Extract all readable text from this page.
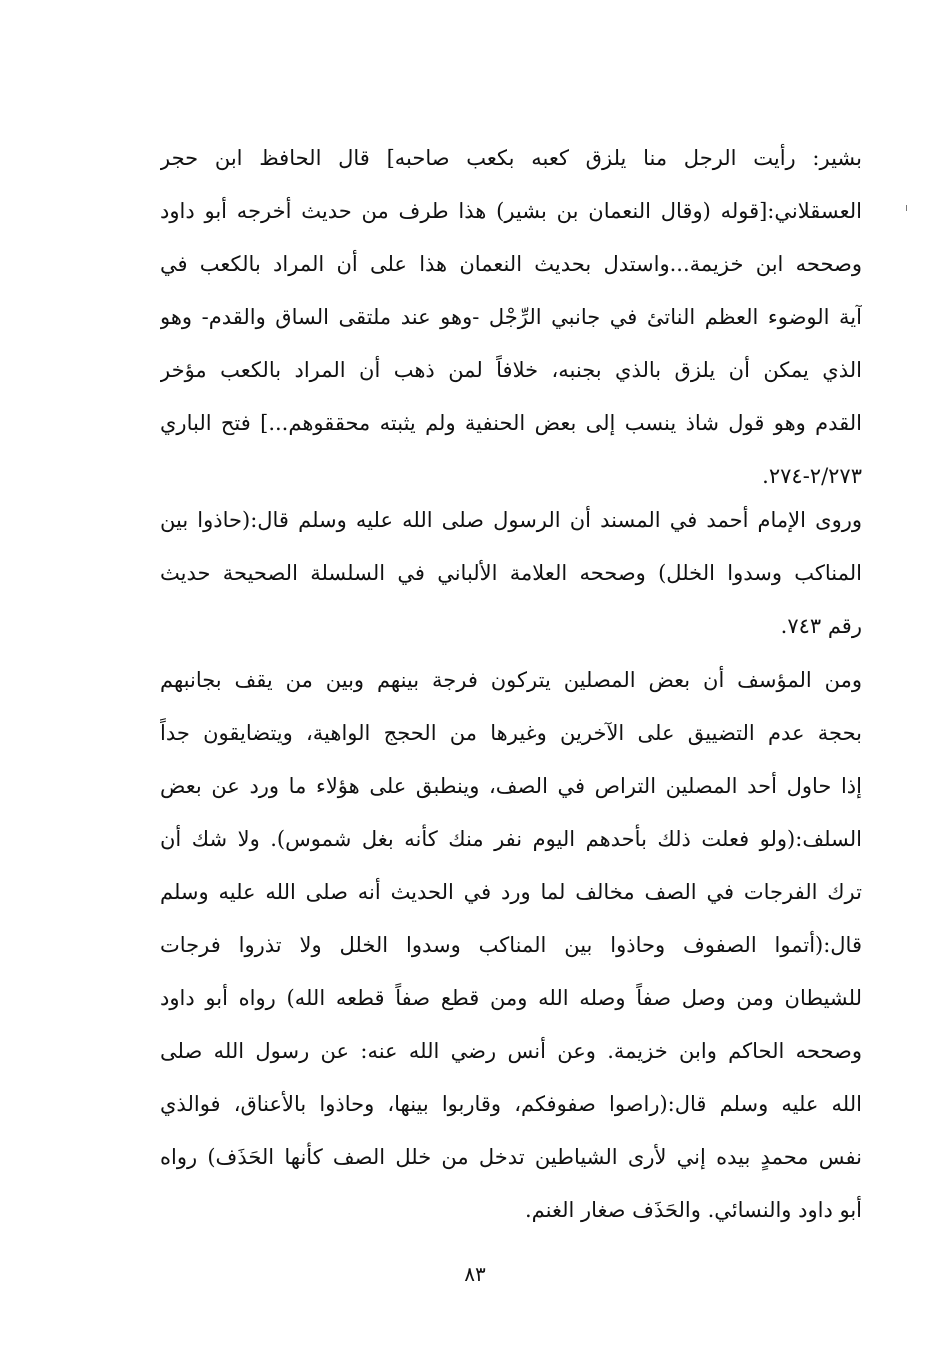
بشير: رأيت الرجل منا يلزق كعبه بكعب صاحبه] قال الحافظ ابن حجر
العسقلاني:[قوله (وقال النعمان بن بشير) هذا طرف من حديث أخرجه أبو داود
وصححه ابن خزيمة...واستدل بحديث النعمان هذا على أن المراد بالكعب في
آية الوضوء العظم الناتئ في جانبي الرِّجْل -وهو عند ملتقى الساق والقدم- وهو
الذي يمكن أن يلزق بالذي بجنبه، خلافاً لمن ذهب أن المراد بالكعب مؤخر
القدم وهو قول شاذ ينسب إلى بعض الحنفية ولم يثبته محققوهم...] فتح الباري
٢/٢٧٣-٢٧٤.
وروى الإمام أحمد في المسند أن الرسول صلى الله عليه وسلم قال:(حاذوا بين
المناكب وسدوا الخلل) وصححه العلامة الألباني في السلسلة الصحيحة حديث
رقم ٧٤٣.
ومن المؤسف أن بعض المصلين يتركون فرجة بينهم وبين من يقف بجانبهم
بحجة عدم التضييق على الآخرين وغيرها من الحجج الواهية، ويتضايقون جداً
إذا حاول أحد المصلين التراص في الصف، وينطبق على هؤلاء ما ورد عن بعض
السلف:(ولو فعلت ذلك بأحدهم اليوم نفر منك كأنه بغل شموس). ولا شك أن
ترك الفرجات في الصف مخالف لما ورد في الحديث أنه صلى الله عليه وسلم
قال:(أتموا الصفوف وحاذوا بين المناكب وسدوا الخلل ولا تذروا فرجات
للشيطان ومن وصل صفاً وصله الله ومن قطع صفاً قطعه الله) رواه أبو داود
وصححه الحاكم وابن خزيمة. وعن أنس رضي الله عنه: عن رسول الله صلى
الله عليه وسلم قال:(راصوا صفوفكم، وقاربوا بينها، وحاذوا بالأعناق، فوالذي
نفس محمدٍ بيده إني لأرى الشياطين تدخل من خلل الصف كأنها الحَذَف) رواه
أبو داود والنسائي. والحَذَف صغار الغنم.
٨٣
